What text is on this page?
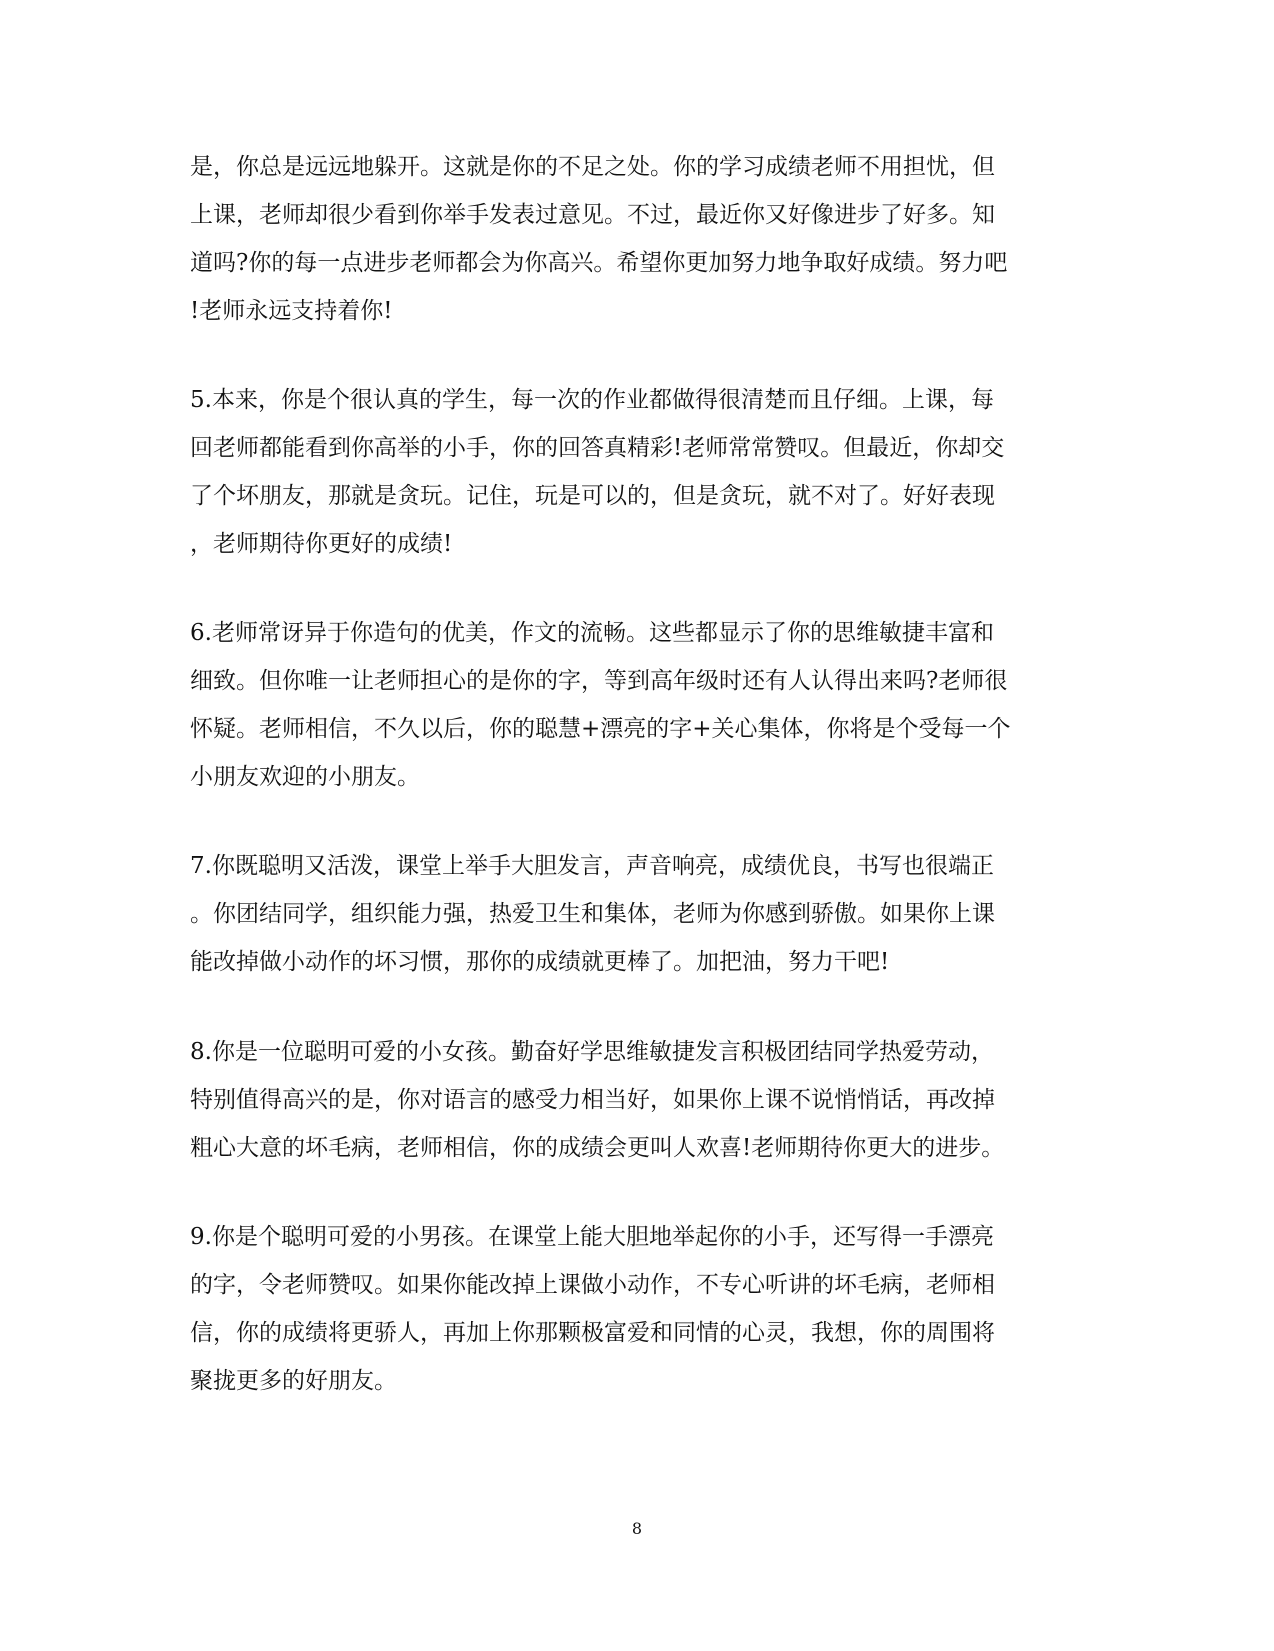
是，你总是远远地躲开。这就是你的不足之处。你的学习成绩老师不用担忧，但
上课，老师却很少看到你举手发表过意见。不过，最近你又好像进步了好多。知
道吗?你的每一点进步老师都会为你高兴。希望你更加努力地争取好成绩。努力吧
!老师永远支持着你!
5.本来，你是个很认真的学生，每一次的作业都做得很清楚而且仔细。上课，每
回老师都能看到你高举的小手，你的回答真精彩!老师常常赞叹。但最近，你却交
了个坏朋友，那就是贪玩。记住，玩是可以的，但是贪玩，就不对了。好好表现
，老师期待你更好的成绩!
6.老师常讶异于你造句的优美，作文的流畅。这些都显示了你的思维敏捷丰富和
细致。但你唯一让老师担心的是你的字，等到高年级时还有人认得出来吗?老师很
怀疑。老师相信，不久以后，你的聪慧+漂亮的字+关心集体，你将是个受每一个
小朋友欢迎的小朋友。
7.你既聪明又活泼，课堂上举手大胆发言，声音响亮，成绩优良，书写也很端正
。你团结同学，组织能力强，热爱卫生和集体，老师为你感到骄傲。如果你上课
能改掉做小动作的坏习惯，那你的成绩就更棒了。加把油，努力干吧!
8.你是一位聪明可爱的小女孩。勤奋好学思维敏捷发言积极团结同学热爱劳动，
特别值得高兴的是，你对语言的感受力相当好，如果你上课不说悄悄话，再改掉
粗心大意的坏毛病，老师相信，你的成绩会更叫人欢喜!老师期待你更大的进步。
9.你是个聪明可爱的小男孩。在课堂上能大胆地举起你的小手，还写得一手漂亮
的字，令老师赞叹。如果你能改掉上课做小动作，不专心听讲的坏毛病，老师相
信，你的成绩将更骄人，再加上你那颗极富爱和同情的心灵，我想，你的周围将
聚拢更多的好朋友。
8
